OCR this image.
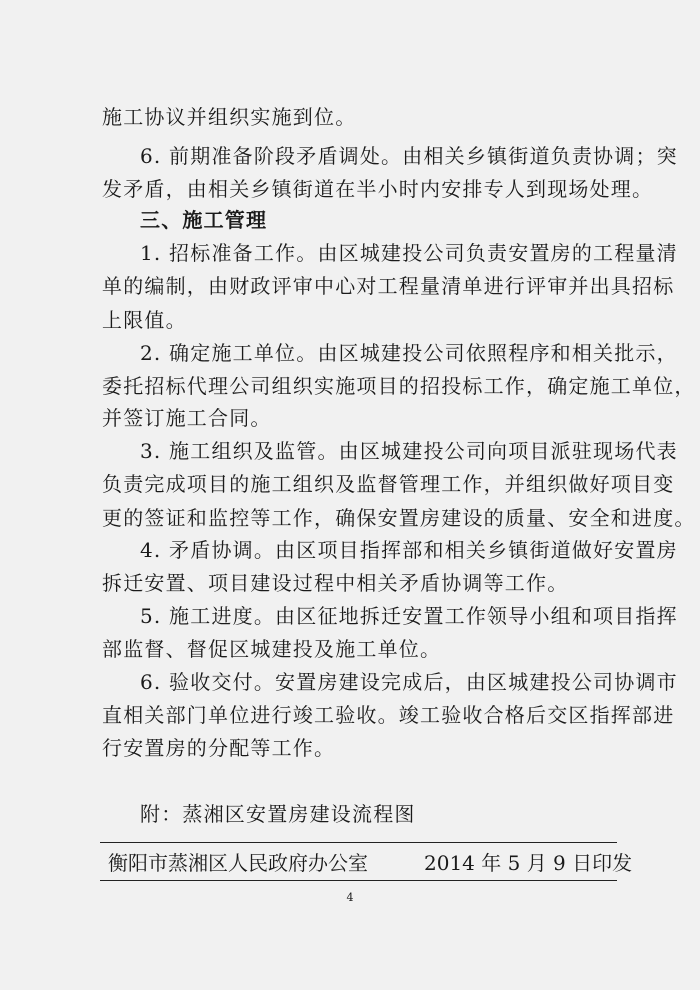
施工协议并组织实施到位。
6. 前期准备阶段矛盾调处。由相关乡镇街道负责协调；突
发矛盾，由相关乡镇街道在半小时内安排专人到现场处理。
三、施工管理
1. 招标准备工作。由区城建投公司负责安置房的工程量清
单的编制，由财政评审中心对工程量清单进行评审并出具招标
上限值。
2. 确定施工单位。由区城建投公司依照程序和相关批示，
委托招标代理公司组织实施项目的招投标工作，确定施工单位，
并签订施工合同。
3. 施工组织及监管。由区城建投公司向项目派驻现场代表
负责完成项目的施工组织及监督管理工作，并组织做好项目变
更的签证和监控等工作，确保安置房建设的质量、安全和进度。
4. 矛盾协调。由区项目指挥部和相关乡镇街道做好安置房
拆迁安置、项目建设过程中相关矛盾协调等工作。
5. 施工进度。由区征地拆迁安置工作领导小组和项目指挥
部监督、督促区城建投及施工单位。
6. 验收交付。安置房建设完成后，由区城建投公司协调市
直相关部门单位进行竣工验收。竣工验收合格后交区指挥部进
行安置房的分配等工作。
附：蒸湘区安置房建设流程图
衡阳市蒸湘区人民政府办公室	2014 年 5 月 9 日印发
4
